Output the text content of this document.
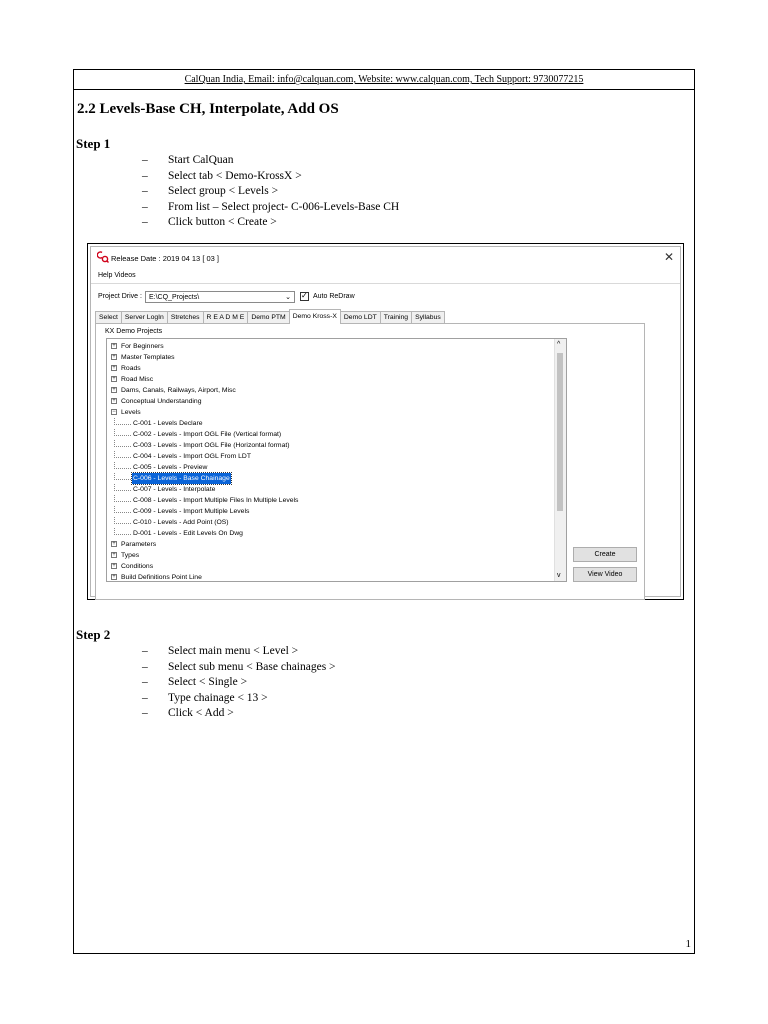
CalQuan India, Email: info@calquan.com, Website: www.calquan.com, Tech Support: 9730077215
2.2 Levels-Base CH, Interpolate, Add OS
Step 1
– Start CalQuan
– Select tab < Demo-KrossX >
– Select group < Levels >
– From list – Select project- C-006-Levels-Base CH
– Click button < Create >
Release Date : 2019 04 13 [ 03 ]	✕
Help Videos
Project Drive : E:\CQ_Projects\	⌄ ✓ Auto ReDraw
Select	Server LogIn	Stretches	R E A D M E	Demo PTM	Demo Kross-X	Demo LDT	Training	Syllabus
KX Demo Projects
+ For Beginners
+ Master Templates
+ Roads
+ Road Misc
+ Dams, Canals, Railways, Airport, Misc
+ Conceptual Understanding
− Levels
C-001 - Levels Declare
C-002 - Levels - Import OGL File (Vertical format)
C-003 - Levels - Import OGL File (Horizontal format)
C-004 - Levels - Import OGL From LDT
C-005 - Levels - Preview
C-006 - Levels - Base Chainage
C-007 - Levels - Interpolate
C-008 - Levels - Import Multiple Files In Multiple Levels
C-009 - Levels - Import Multiple Levels
C-010 - Levels - Add Point (OS)
D-001 - Levels - Edit Levels On Dwg
+ Parameters
+ Types
+ Conditions
+ Build Definitions Point Line
^
v
Create
View Video
Step 2
– Select main menu < Level >
– Select sub menu < Base chainages >
– Select < Single >
– Type chainage < 13 >
– Click < Add >
1
